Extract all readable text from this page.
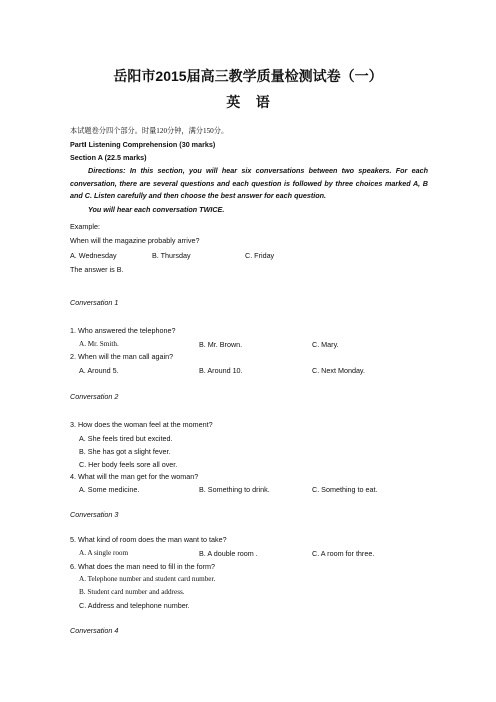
岳阳市2015届高三教学质量检测试卷（一）
英    语
本试题卷分四个部分。时量120分钟，满分150分。
PartⅠ Listening Comprehension (30 marks)
Section A (22.5 marks)
Directions: In this section, you will hear six conversations between two speakers. For each conversation, there are several questions and each question is followed by three choices marked A, B and C. Listen carefully and then choose the best answer for each question.
You will hear each conversation TWICE.
Example:
When will the magazine probably arrive?
A. Wednesday	B. Thursday	C. Friday
The answer is B.
Conversation 1
1. Who answered the telephone?
A. Mr. Smith.	B. Mr. Brown.	C. Mary.
2. When will the man call again?
A. Around 5.	B. Around 10.	C. Next Monday.
Conversation 2
3. How does the woman feel at the moment?
A. She feels tired but excited.
B. She has got a slight fever.
C. Her body feels sore all over.
4. What will the man get for the woman?
A. Some medicine.	B. Something to drink.	C. Something to eat.
Conversation 3
5. What kind of room does the man want to take?
A. A single room	B. A double room .	C. A room for three.
6. What does the man need to fill in the form?
A. Telephone number and student card number.
B. Student card number and address.
C. Address and telephone number.
Conversation 4
